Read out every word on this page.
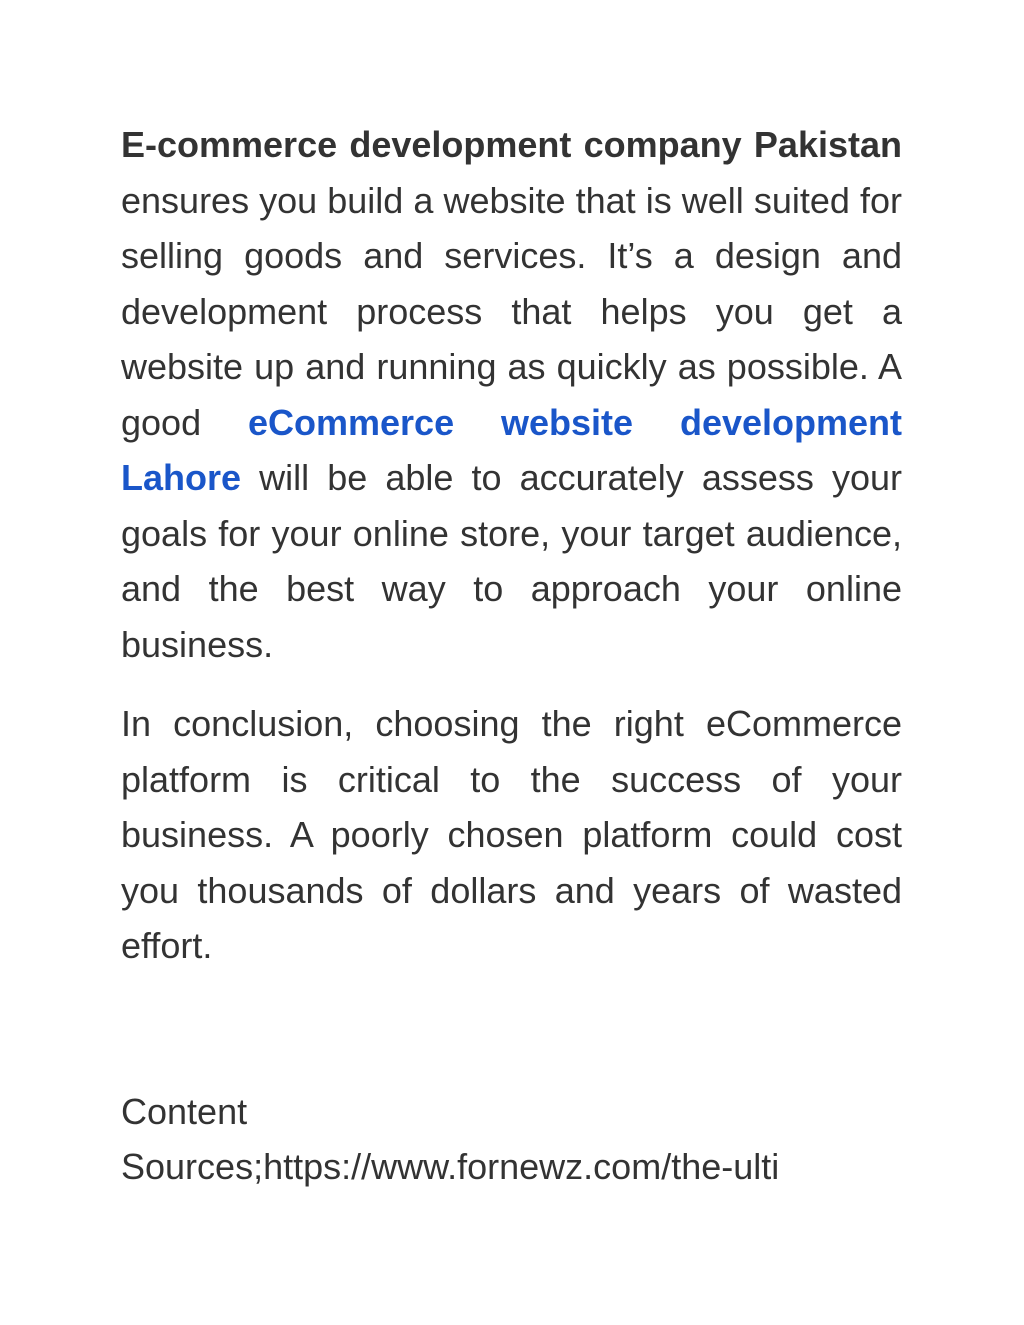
E-commerce development company Pakistan ensures you build a website that is well suited for selling goods and services. It’s a design and development process that helps you get a website up and running as quickly as possible. A good eCommerce website development Lahore will be able to accurately assess your goals for your online store, your target audience, and the best way to approach your online business.

In conclusion, choosing the right eCommerce platform is critical to the success of your business. A poorly chosen platform could cost you thousands of dollars and years of wasted effort.

Content
Sources;https://www.fornewz.com/the-ulti
